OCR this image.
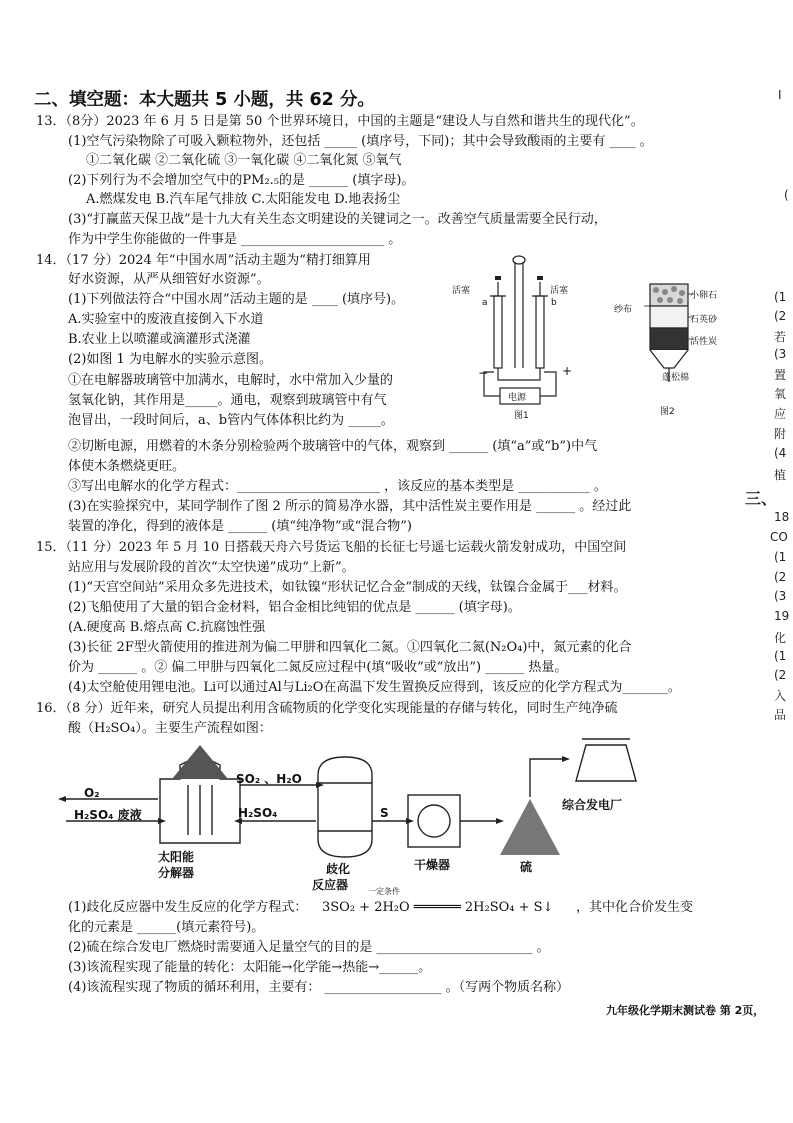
二、填空题：本大题共 5 小题，共 62 分。
13．（8分）2023 年 6 月 5 日是第 50 个世界环境日，中国的主题是“建设人与自然和谐共生的现代化”。
(1)空气污染物除了可吸入颗粒物外，还包括 _____ (填序号，下同)；其中会导致酸雨的主要有 ____ 。
①二氧化碳 ②二氧化硫 ③一氧化碳 ④二氧化氮 ⑤氧气
(2)下列行为不会增加空气中的PM₂.₅的是 ______ (填字母)。
A.燃煤发电 B.汽车尾气排放 C.太阳能发电 D.地表扬尘
(3)“打赢蓝天保卫战”是十九大有关生态文明建设的关键词之一。改善空气质量需要全民行动，
作为中学生你能做的一件事是 ______________________ 。
14．（17 分）2024 年“中国水周”活动主题为“精打细算用
好水资源，从严从细管好水资源”。
(1)下列做法符合“中国水周”活动主题的是 ____ (填序号)。
A.实验室中的废液直接倒入下水道
B.农业上以喷灌或滴灌形式浇灌
(2)如图 1 为电解水的实验示意图。
①在电解器玻璃管中加满水，电解时，水中常加入少量的
氢氧化钠，其作用是_____。通电，观察到玻璃管中有气
泡冒出，一段时间后，a、b管内气体体积比约为 _____。
活塞	活塞
a	b
−	+
电源
图1
纱布
小卵石
石英砂
活性炭
蓬松棉
图2
②切断电源，用燃着的木条分别检验两个玻璃管中的气体，观察到 ______ (填“a”或“b”)中气
体使木条燃烧更旺。
③写出电解水的化学方程式：______________________ ，该反应的基本类型是 ___________ 。
(3)在实验探究中，某同学制作了图 2 所示的简易净水器，其中活性炭主要作用是 ______ 。经过此
装置的净化，得到的液体是 ______ (填“纯净物”或“混合物”)
15．（11 分）2023 年 5 月 10 日搭载天舟六号货运飞船的长征七号遥七运载火箭发射成功，中国空间
站应用与发展阶段的首次“太空快递”成功“上新”。
(1)“天宫空间站”采用众多先进技术，如钛镍“形状记忆合金”制成的天线，钛镍合金属于___材料。
(2)飞船使用了大量的铝合金材料，铝合金相比纯铝的优点是 ______ (填字母)。
(A.硬度高 B.熔点高 C.抗腐蚀性强
(3)长征 2F型火箭使用的推进剂为偏二甲肼和四氧化二氮。①四氧化二氮(N₂O₄)中，氮元素的化合
价为 ______ 。② 偏二甲肼与四氧化二氮反应过程中(填“吸收”或“放出”) ______ 热量。
(4)太空舱使用锂电池。Li可以通过Al与Li₂O在高温下发生置换反应得到，该反应的化学方程式为_______。
16．（8 分）近年来，研究人员提出利用含硫物质的化学变化实现能量的存储与转化，同时生产纯净硫
酸（H₂SO₄）。主要生产流程如图：
O₂
H₂SO₄ 废液
SO₂ 、H₂O
H₂SO₄	S
太阳能
分解器	歧化
反应器
干燥器	硫
综合发电厂
(1)歧化反应器中发生反应的化学方程式：
一定条件
3SO₂ + 2H₂O ══════ 2H₂SO₄ + S↓ ，其中化合价发生变
化的元素是 ______(填元素符号)。
(2)硫在综合发电厂燃烧时需要通入足量空气的目的是 ________________________ 。
(3)该流程实现了能量的转化：太阳能→化学能→热能→______。
(4)该流程实现了物质的循环利用，主要有： __________________ 。（写两个物质名称）
九年级化学期末测试卷 第 2页，
I
(
(1
(2
若
(3
置
氧
应
附
(4
植
三、
18
CO
(1
(2
(3
19
化
(1
(2
入
品
